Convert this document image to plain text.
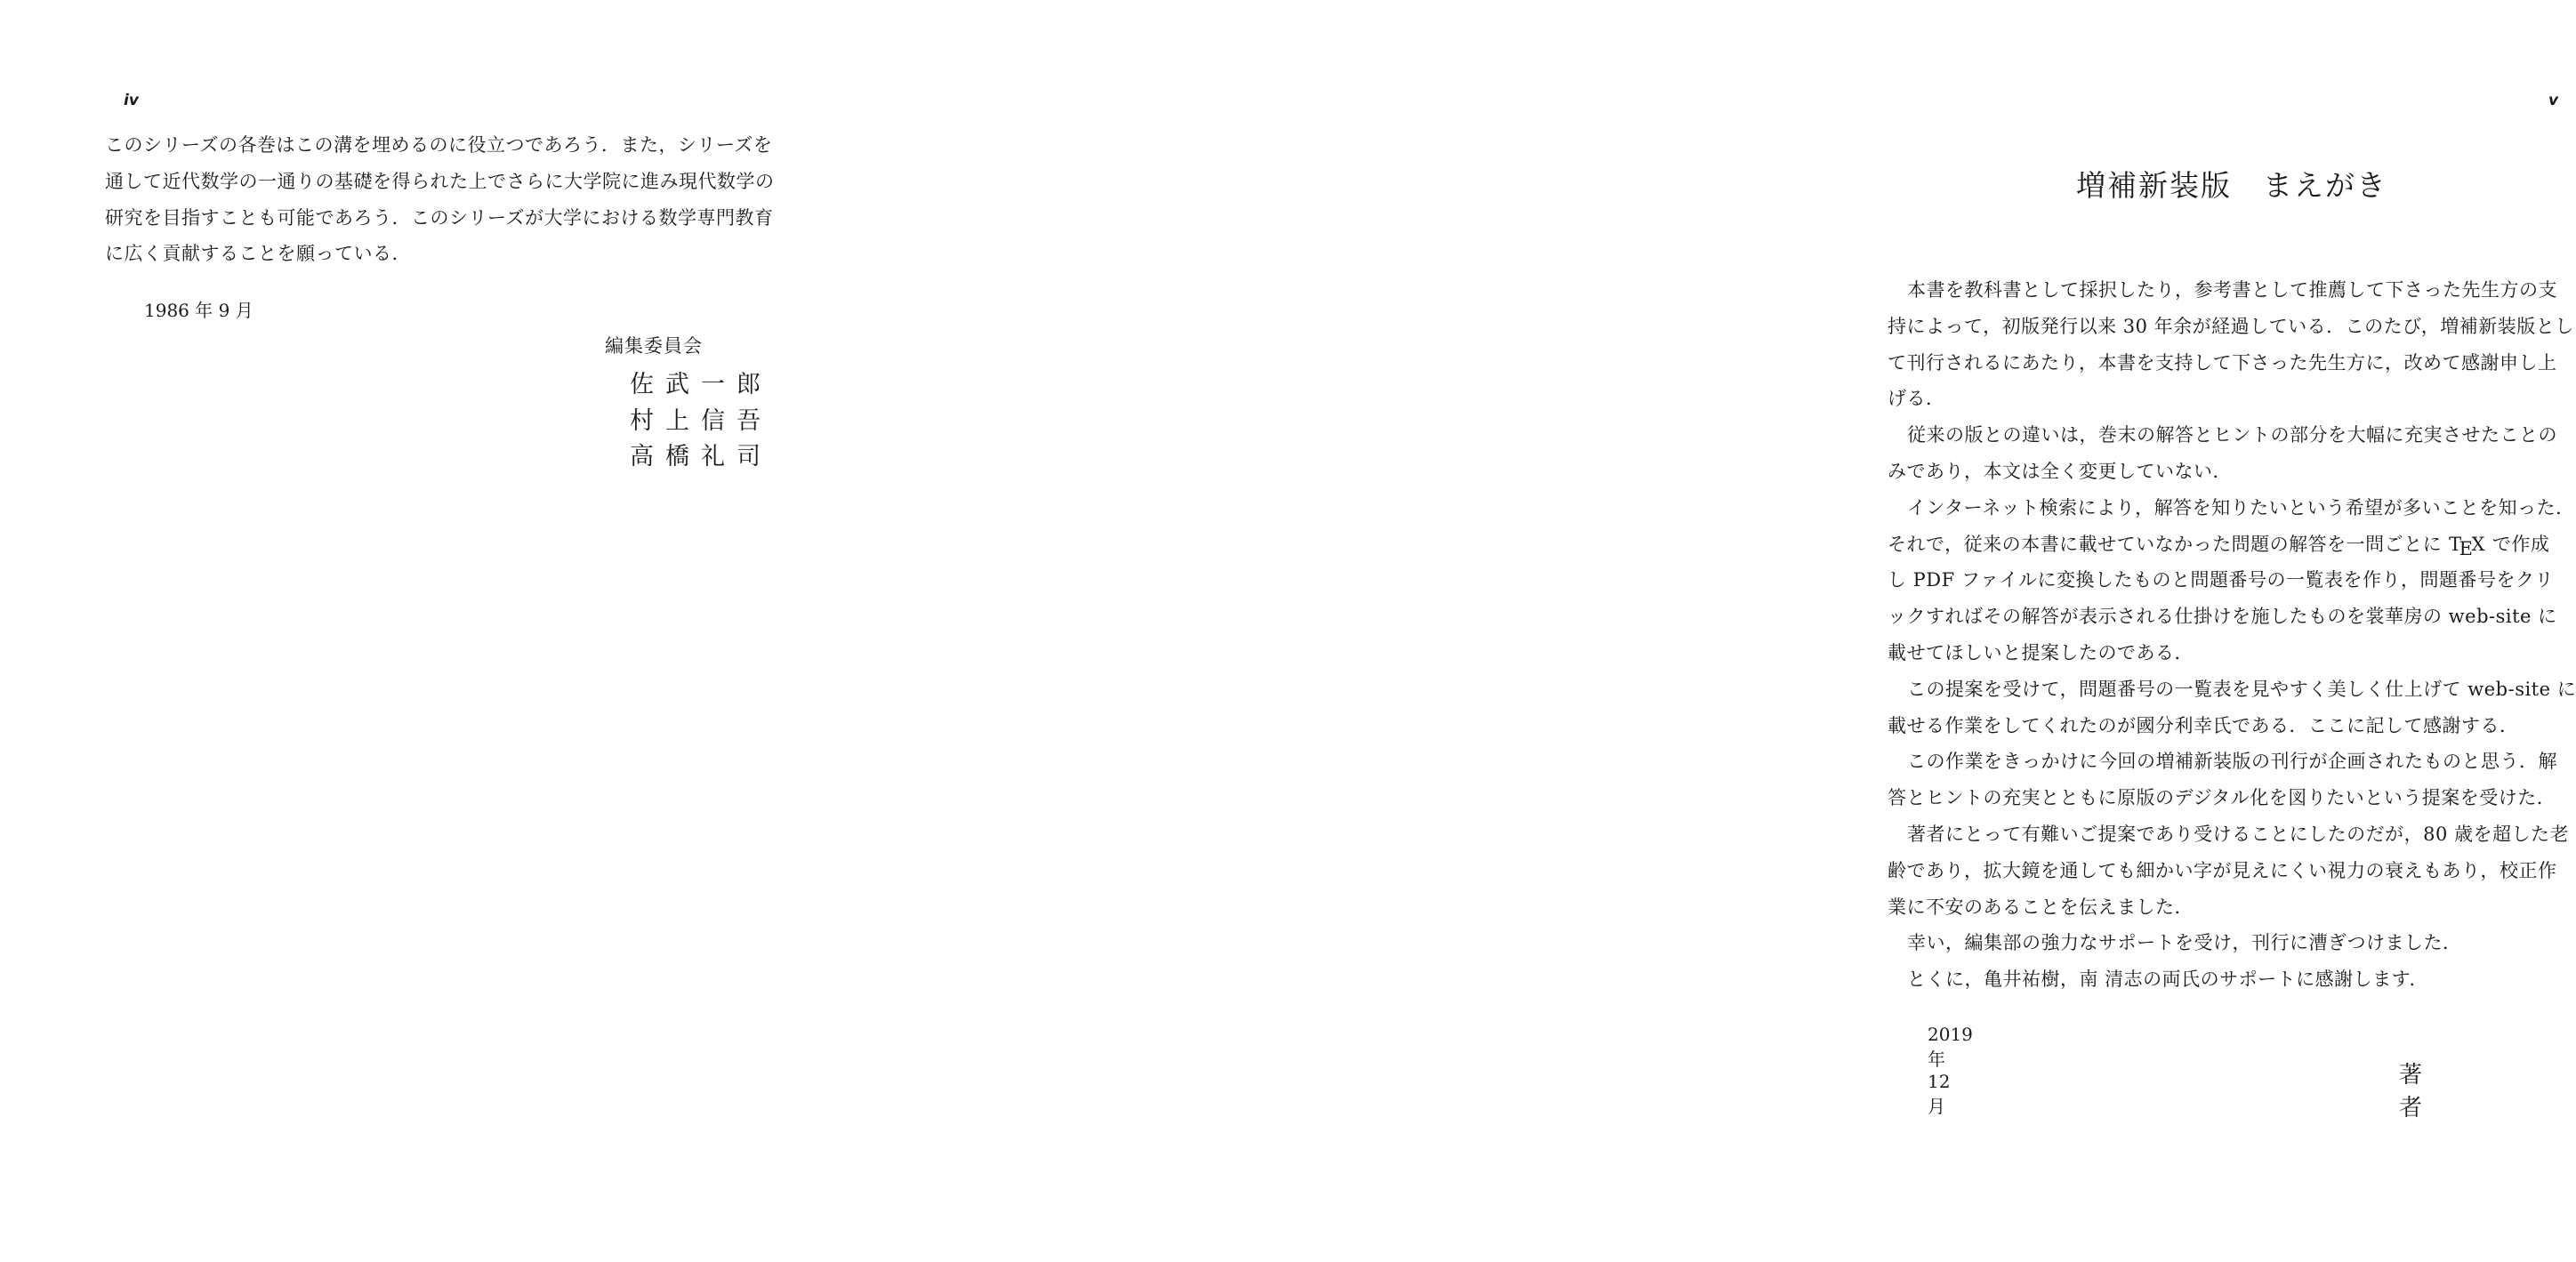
iv
このシリーズの各巻はこの溝を埋めるのに役立つであろう．また，シリーズを
通して近代数学の一通りの基礎を得られた上でさらに大学院に進み現代数学の
研究を目指すことも可能であろう．このシリーズが大学における数学専門教育
に広く貢献することを願っている．
1986 年 9 月
編集委員会
佐武一郎
村上信吾
高橋礼司
v
増補新装版　まえがき
本書を教科書として採択したり，参考書として推薦して下さった先生方の支
持によって，初版発行以来 30 年余が経過している．このたび，増補新装版とし
て刊行されるにあたり，本書を支持して下さった先生方に，改めて感謝申し上
げる．
従来の版との違いは，巻末の解答とヒントの部分を大幅に充実させたことの
みであり，本文は全く変更していない．
インターネット検索により，解答を知りたいという希望が多いことを知った．
それで，従来の本書に載せていなかった問題の解答を一問ごとに TEX で作成
し PDF ファイルに変換したものと問題番号の一覧表を作り，問題番号をクリ
ックすればその解答が表示される仕掛けを施したものを裳華房の web-site に
載せてほしいと提案したのである．
この提案を受けて，問題番号の一覧表を見やすく美しく仕上げて web-site に
載せる作業をしてくれたのが國分利幸氏である．ここに記して感謝する．
この作業をきっかけに今回の増補新装版の刊行が企画されたものと思う．解
答とヒントの充実とともに原版のデジタル化を図りたいという提案を受けた．
著者にとって有難いご提案であり受けることにしたのだが，80 歳を超した老
齢であり，拡大鏡を通しても細かい字が見えにくい視力の衰えもあり，校正作
業に不安のあることを伝えました．
幸い，編集部の強力なサポートを受け，刊行に漕ぎつけました．
とくに，亀井祐樹，南 清志の両氏のサポートに感謝します．
2019 年 12 月
著者
